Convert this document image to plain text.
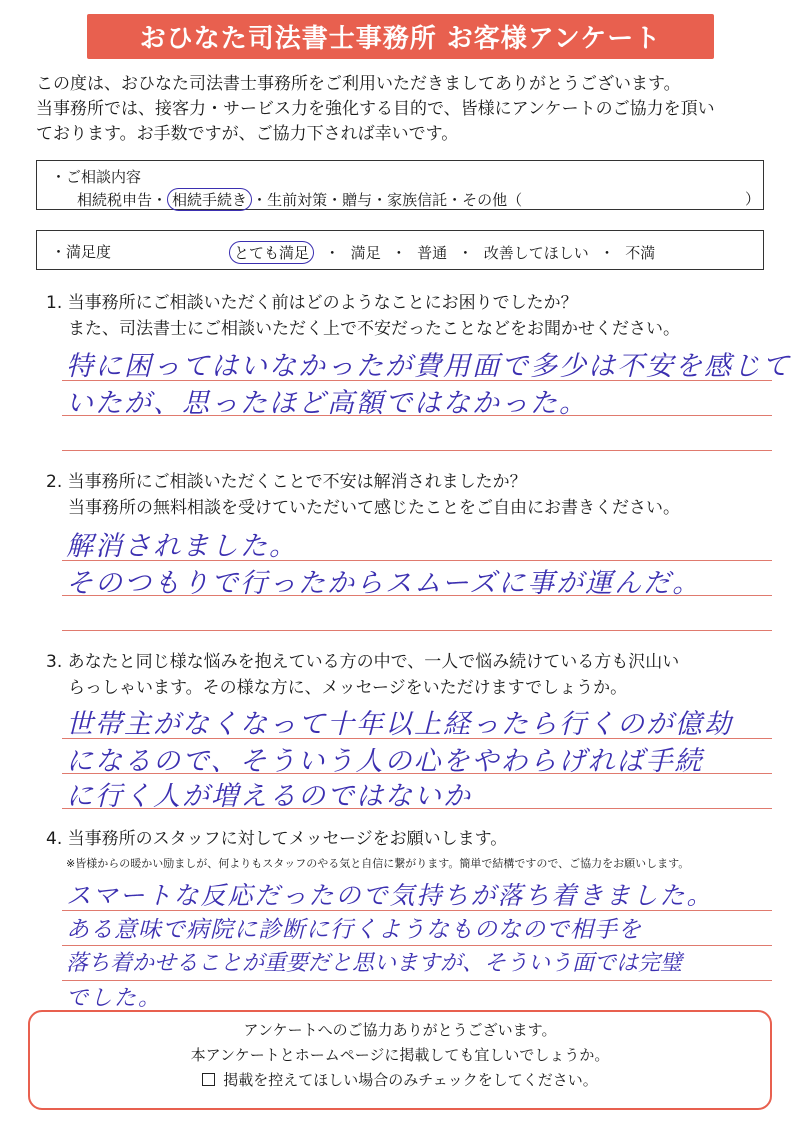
おひなた司法書士事務所 お客様アンケート
この度は、おひなた司法書士事務所をご利用いただきましてありがとうございます。
当事務所では、接客力・サービス力を強化する目的で、皆様にアンケートのご協力を頂い
ております。お手数ですが、ご協力下されば幸いです。
・ご相談内容
相続税申告・ 相続手続き ・生前対策・贈与・家族信託・その他（	）
・満足度	とても満足 ・ 満足 ・ 普通 ・ 改善してほしい ・ 不満
1. 当事務所にご相談いただく前はどのようなことにお困りでしたか？
また、司法書士にご相談いただく上で不安だったことなどをお聞かせください。
特に困ってはいなかったが費用面で多少は不安を感じて
いたが、思ったほど高額ではなかった。
2. 当事務所にご相談いただくことで不安は解消されましたか？
当事務所の無料相談を受けていただいて感じたことをご自由にお書きください。
解消されました。
そのつもりで行ったからスムーズに事が運んだ。
3. あなたと同じ様な悩みを抱えている方の中で、一人で悩み続けている方も沢山い
らっしゃいます。その様な方に、メッセージをいただけますでしょうか。
世帯主がなくなって十年以上経ったら行くのが億劫
になるので、そういう人の心をやわらげれば手続
に行く人が増えるのではないか
4. 当事務所のスタッフに対してメッセージをお願いします。
※皆様からの暖かい励ましが、何よりもスタッフのやる気と自信に繋がります。簡単で結構ですので、ご協力をお願いします。
スマートな反応だったので気持ちが落ち着きました。
ある意味で病院に診断に行くようなものなので相手を
落ち着かせることが重要だと思いますが、そういう面では完璧
でした。
アンケートへのご協力ありがとうございます。
本アンケートとホームページに掲載しても宜しいでしょうか。
掲載を控えてほしい場合のみチェックをしてください。
